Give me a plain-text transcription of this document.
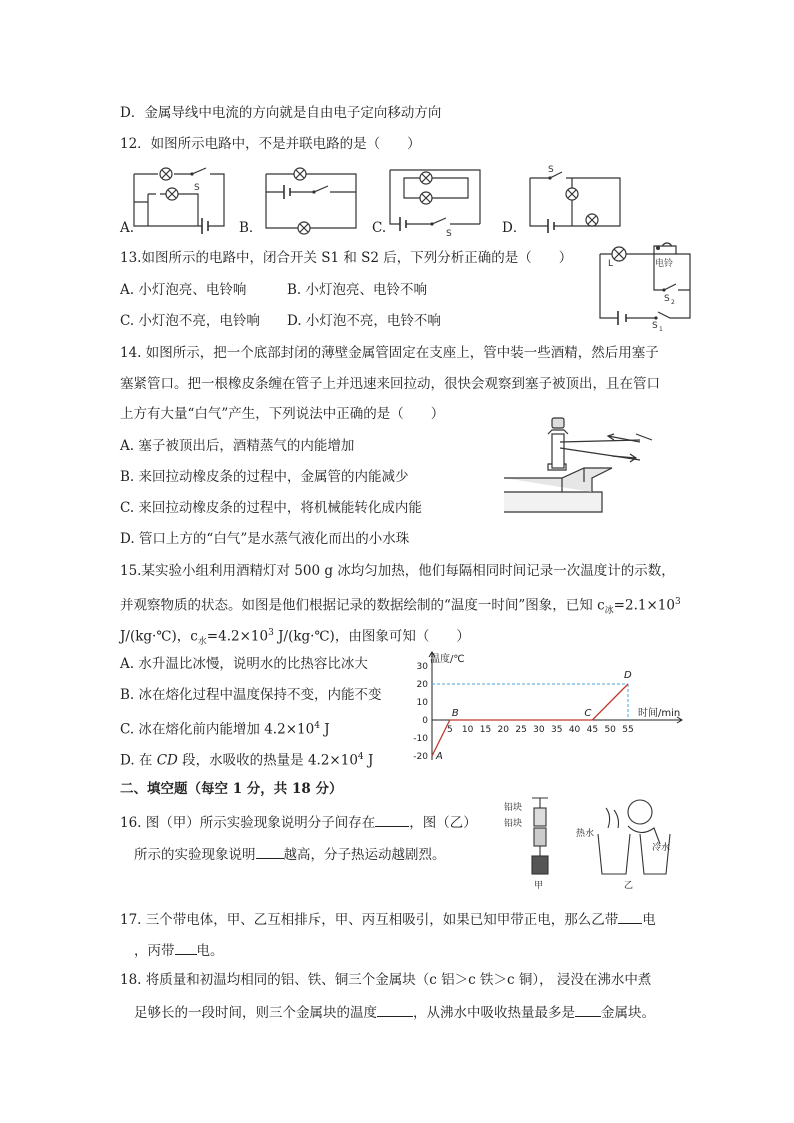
D．金属导线中电流的方向就是自由电子定向移动方向
12．如图所示电路中，不是并联电路的是（　　）
A.	B．	C.	D．
S
S
S
13.如图所示的电路中，闭合开关 S1 和 S2 后，下列分析正确的是（　　）
A. 小灯泡亮、电铃响	B. 小灯泡亮、电铃不响
C. 小灯泡不亮，电铃响 D. 小灯泡不亮，电铃不响
L	电铃
S 2
S 1
14. 如图所示，把一个底部封闭的薄壁金属管固定在支座上，管中装一些酒精，然后用塞子
塞紧管口。把一根橡皮条缠在管子上并迅速来回拉动，很快会观察到塞子被顶出，且在管口
上方有大量“白气”产生，下列说法中正确的是（　　）
A. 塞子被顶出后，酒精蒸气的内能增加
B. 来回拉动橡皮条的过程中，金属管的内能减少
C. 来回拉动橡皮条的过程中，将机械能转化成内能
D. 管口上方的“白气”是水蒸气液化而出的小水珠
15.某实验小组利用酒精灯对 500 g 冰均匀加热，他们每隔相同时间记录一次温度计的示数，
并观察物质的状态。如图是他们根据记录的数据绘制的“温度一时间”图象，已知 $c_冰=2.1\times 10^3$
J/(kg·℃)，$c_水=4.2\times 10^3$ J/(kg·℃)，由图象可知（　　）
A. 水升温比冰慢，说明水的比热容比冰大
B. 冰在熔化过程中温度保持不变，内能不变
C. 冰在熔化前内能增加 $4.2\times 10^4$ J
D. 在 CD 段，水吸收的热量是 $4.2\times 10^4$ J
5 10 15 20 25 30 35 40 45 50 55
30
20
10
0
-10
-20 A
B	C
D
温度/℃
时间/min
二、填空题（每空 1 分，共 18 分）
16. 图（甲）所示实验现象说明分子间存在	，图（乙）
所示的实验现象说明 越高，分子热运动越剧烈。
铅块
铅块
热水
冷水
甲	乙
17. 三个带电体，甲、乙互相排斥，甲、丙互相吸引，如果已知甲带正电，那么乙带 电
，丙带 电。
18. 将质量和初温均相同的铝、铁、铜三个金属块（c 铝＞c 铁＞c 铜）， 浸没在沸水中煮
足够长的一段时间，则三个金属块的温度	，从沸水中吸收热量最多是 金属块。
